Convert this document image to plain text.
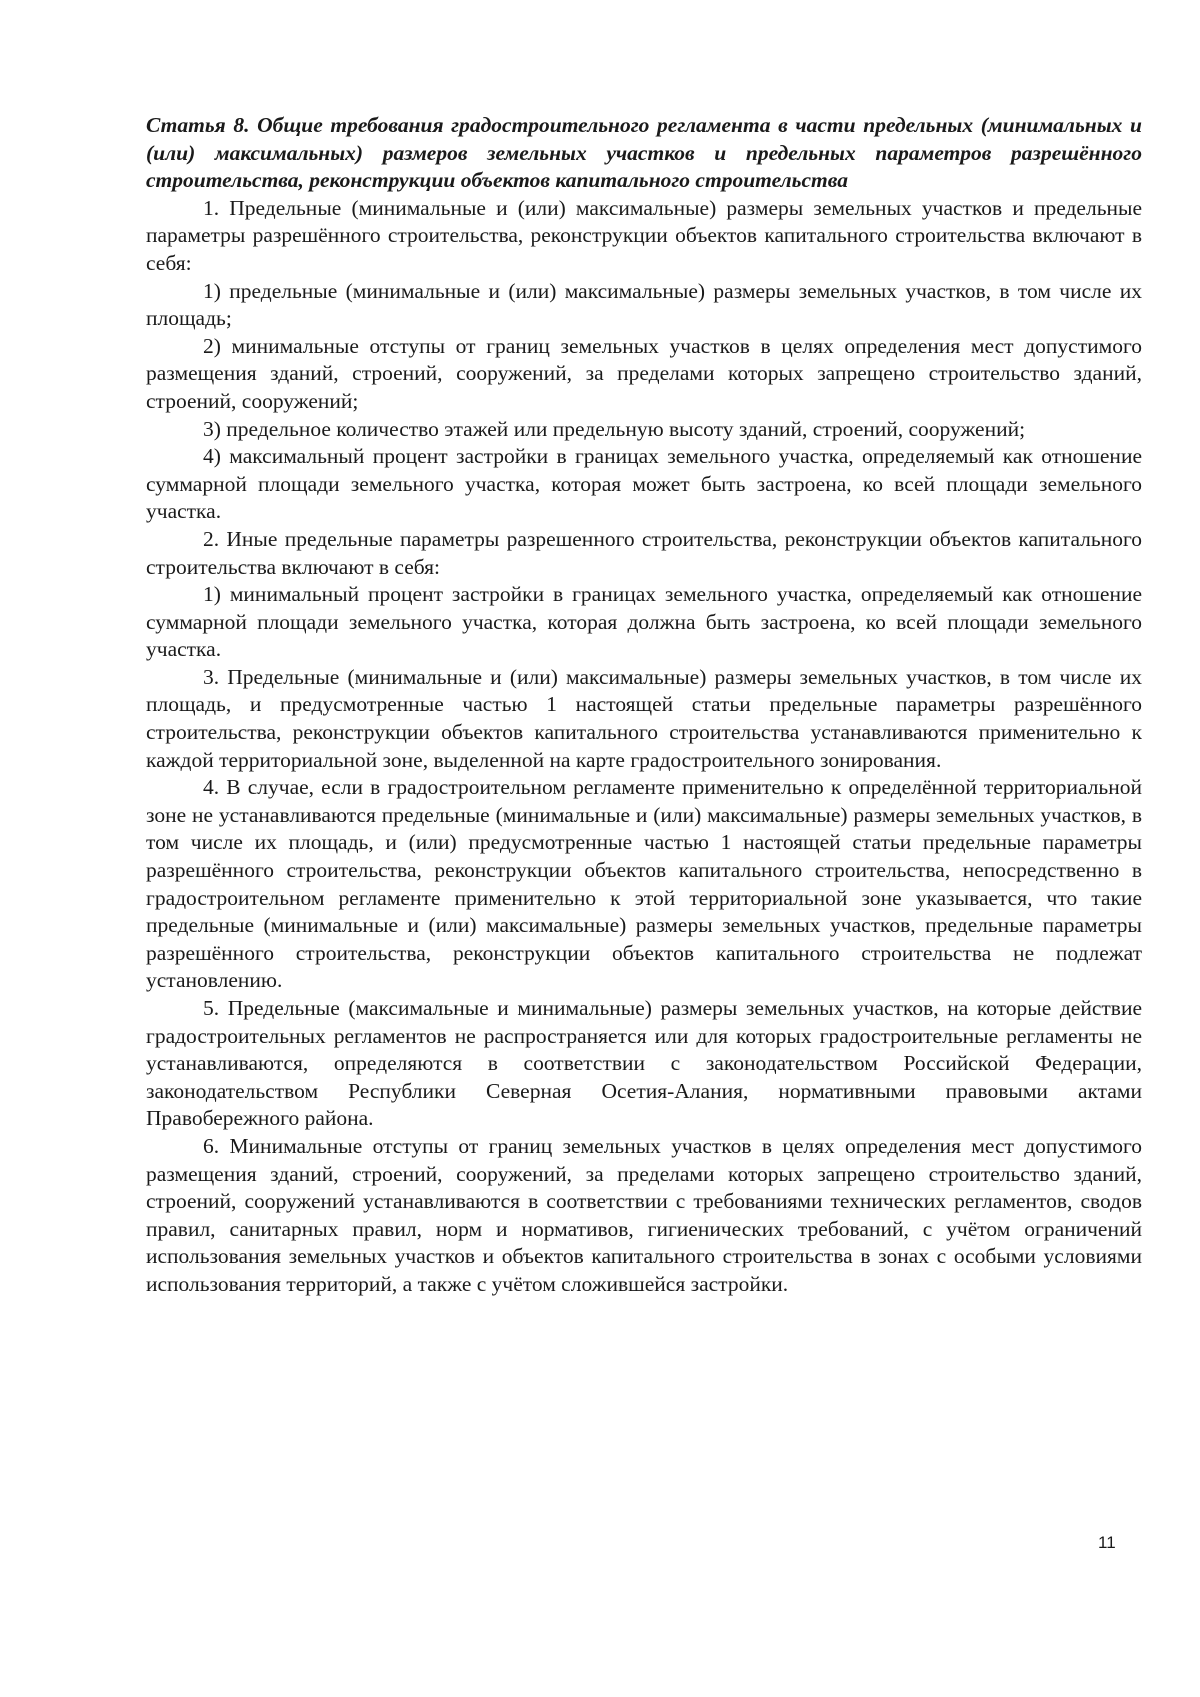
Статья 8. Общие требования градостроительного регламента в части предельных (минимальных и (или) максимальных) размеров земельных участков и предельных параметров разрешённого строительства, реконструкции объектов капитального строительства

1. Предельные (минимальные и (или) максимальные) размеры земельных участков и предельные параметры разрешённого строительства, реконструкции объектов капитального строительства включают в себя:

1) предельные (минимальные и (или) максимальные) размеры земельных участков, в том числе их площадь;

2) минимальные отступы от границ земельных участков в целях определения мест допустимого размещения зданий, строений, сооружений, за пределами которых запрещено строительство зданий, строений, сооружений;

3) предельное количество этажей или предельную высоту зданий, строений, сооружений;

4) максимальный процент застройки в границах земельного участка, определяемый как отношение суммарной площади земельного участка, которая может быть застроена, ко всей площади земельного участка.

2. Иные предельные параметры разрешенного строительства, реконструкции объектов капитального строительства включают в себя:

1) минимальный процент застройки в границах земельного участка, определяемый как отношение суммарной площади земельного участка, которая должна быть застроена, ко всей площади земельного участка.

3. Предельные (минимальные и (или) максимальные) размеры земельных участков, в том числе их площадь, и предусмотренные частью 1 настоящей статьи предельные параметры разрешённого строительства, реконструкции объектов капитального строительства устанавливаются применительно к каждой территориальной зоне, выделенной на карте градостроительного зонирования.

4. В случае, если в градостроительном регламенте применительно к определённой территориальной зоне не устанавливаются предельные (минимальные и (или) максимальные) размеры земельных участков, в том числе их площадь, и (или) предусмотренные частью 1 настоящей статьи предельные параметры разрешённого строительства, реконструкции объектов капитального строительства, непосредственно в градостроительном регламенте применительно к этой территориальной зоне указывается, что такие предельные (минимальные и (или) максимальные) размеры земельных участков, предельные параметры разрешённого строительства, реконструкции объектов капитального строительства не подлежат установлению.

5. Предельные (максимальные и минимальные) размеры земельных участков, на которые действие градостроительных регламентов не распространяется или для которых градостроительные регламенты не устанавливаются, определяются в соответствии с законодательством Российской Федерации, законодательством Республики Северная Осетия-Алания, нормативными правовыми актами Правобережного района.

6. Минимальные отступы от границ земельных участков в целях определения мест допустимого размещения зданий, строений, сооружений, за пределами которых запрещено строительство зданий, строений, сооружений устанавливаются в соответствии с требованиями технических регламентов, сводов правил, санитарных правил, норм и нормативов, гигиенических требований, с учётом ограничений использования земельных участков и объектов капитального строительства в зонах с особыми условиями использования территорий, а также с учётом сложившейся застройки.

11
